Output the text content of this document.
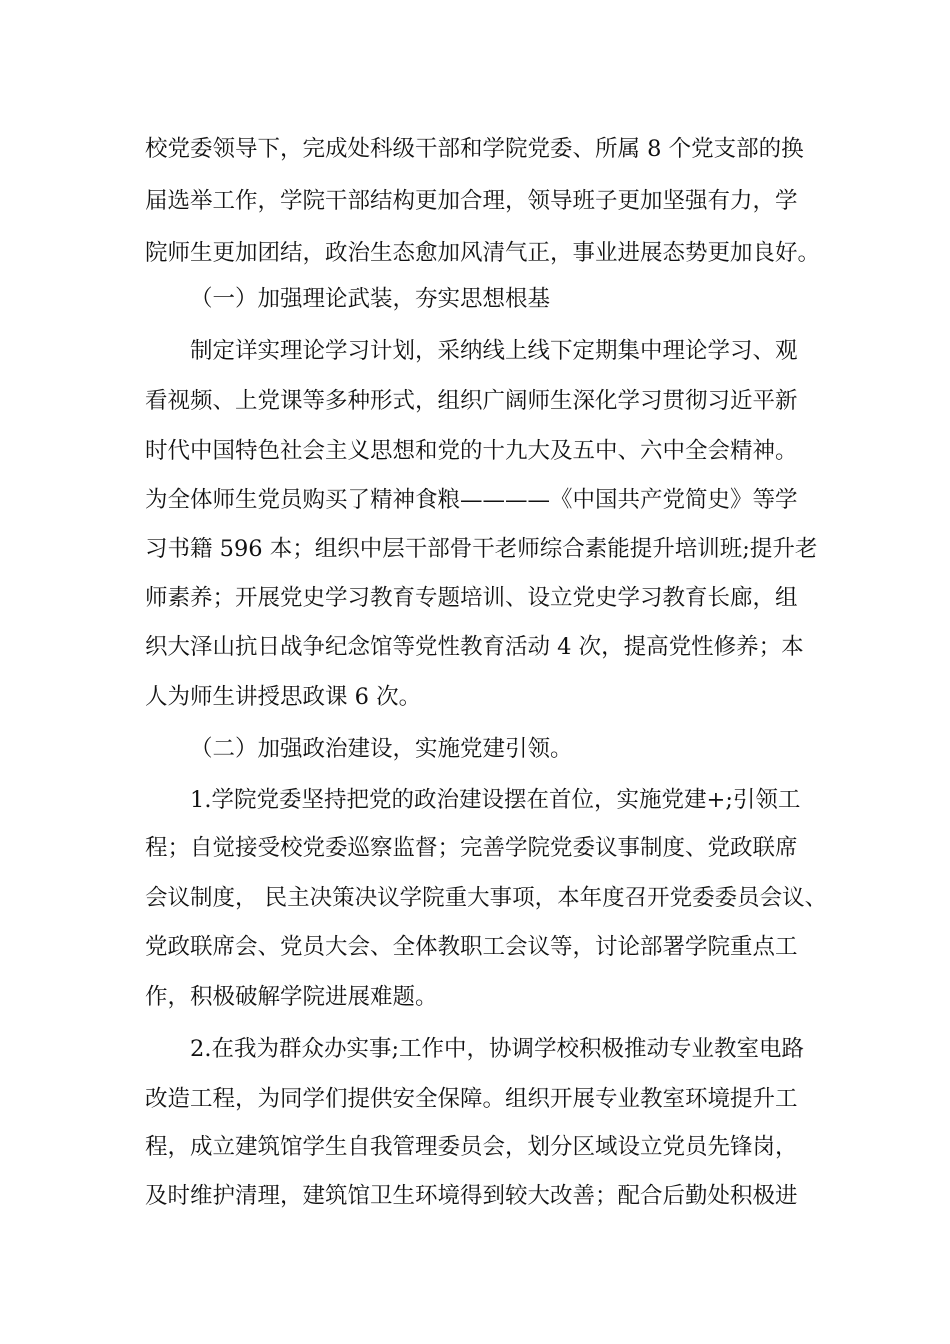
校党委领导下，完成处科级干部和学院党委、所属 8 个党支部的换
届选举工作，学院干部结构更加合理，领导班子更加坚强有力，学
院师生更加团结，政治生态愈加风清气正，事业进展态势更加良好。
（一）加强理论武装，夯实思想根基
制定详实理论学习计划，采纳线上线下定期集中理论学习、观
看视频、上党课等多种形式，组织广阔师生深化学习贯彻习近平新
时代中国特色社会主义思想和党的十九大及五中、六中全会精神。
为全体师生党员购买了精神食粮————《中国共产党简史》等学
习书籍 596 本；组织中层干部骨干老师综合素能提升培训班;提升老
师素养；开展党史学习教育专题培训、设立党史学习教育长廊，组
织大泽山抗日战争纪念馆等党性教育活动 4 次，提高党性修养；本
人为师生讲授思政课 6 次。
（二）加强政治建设，实施党建引领。
1.学院党委坚持把党的政治建设摆在首位，实施党建+;引领工
程；自觉接受校党委巡察监督；完善学院党委议事制度、党政联席
会议制度， 民主决策决议学院重大事项，本年度召开党委委员会议、
党政联席会、党员大会、全体教职工会议等，讨论部署学院重点工
作，积极破解学院进展难题。
2.在我为群众办实事;工作中，协调学校积极推动专业教室电路
改造工程，为同学们提供安全保障。组织开展专业教室环境提升工
程，成立建筑馆学生自我管理委员会，划分区域设立党员先锋岗，
及时维护清理，建筑馆卫生环境得到较大改善；配合后勤处积极进
